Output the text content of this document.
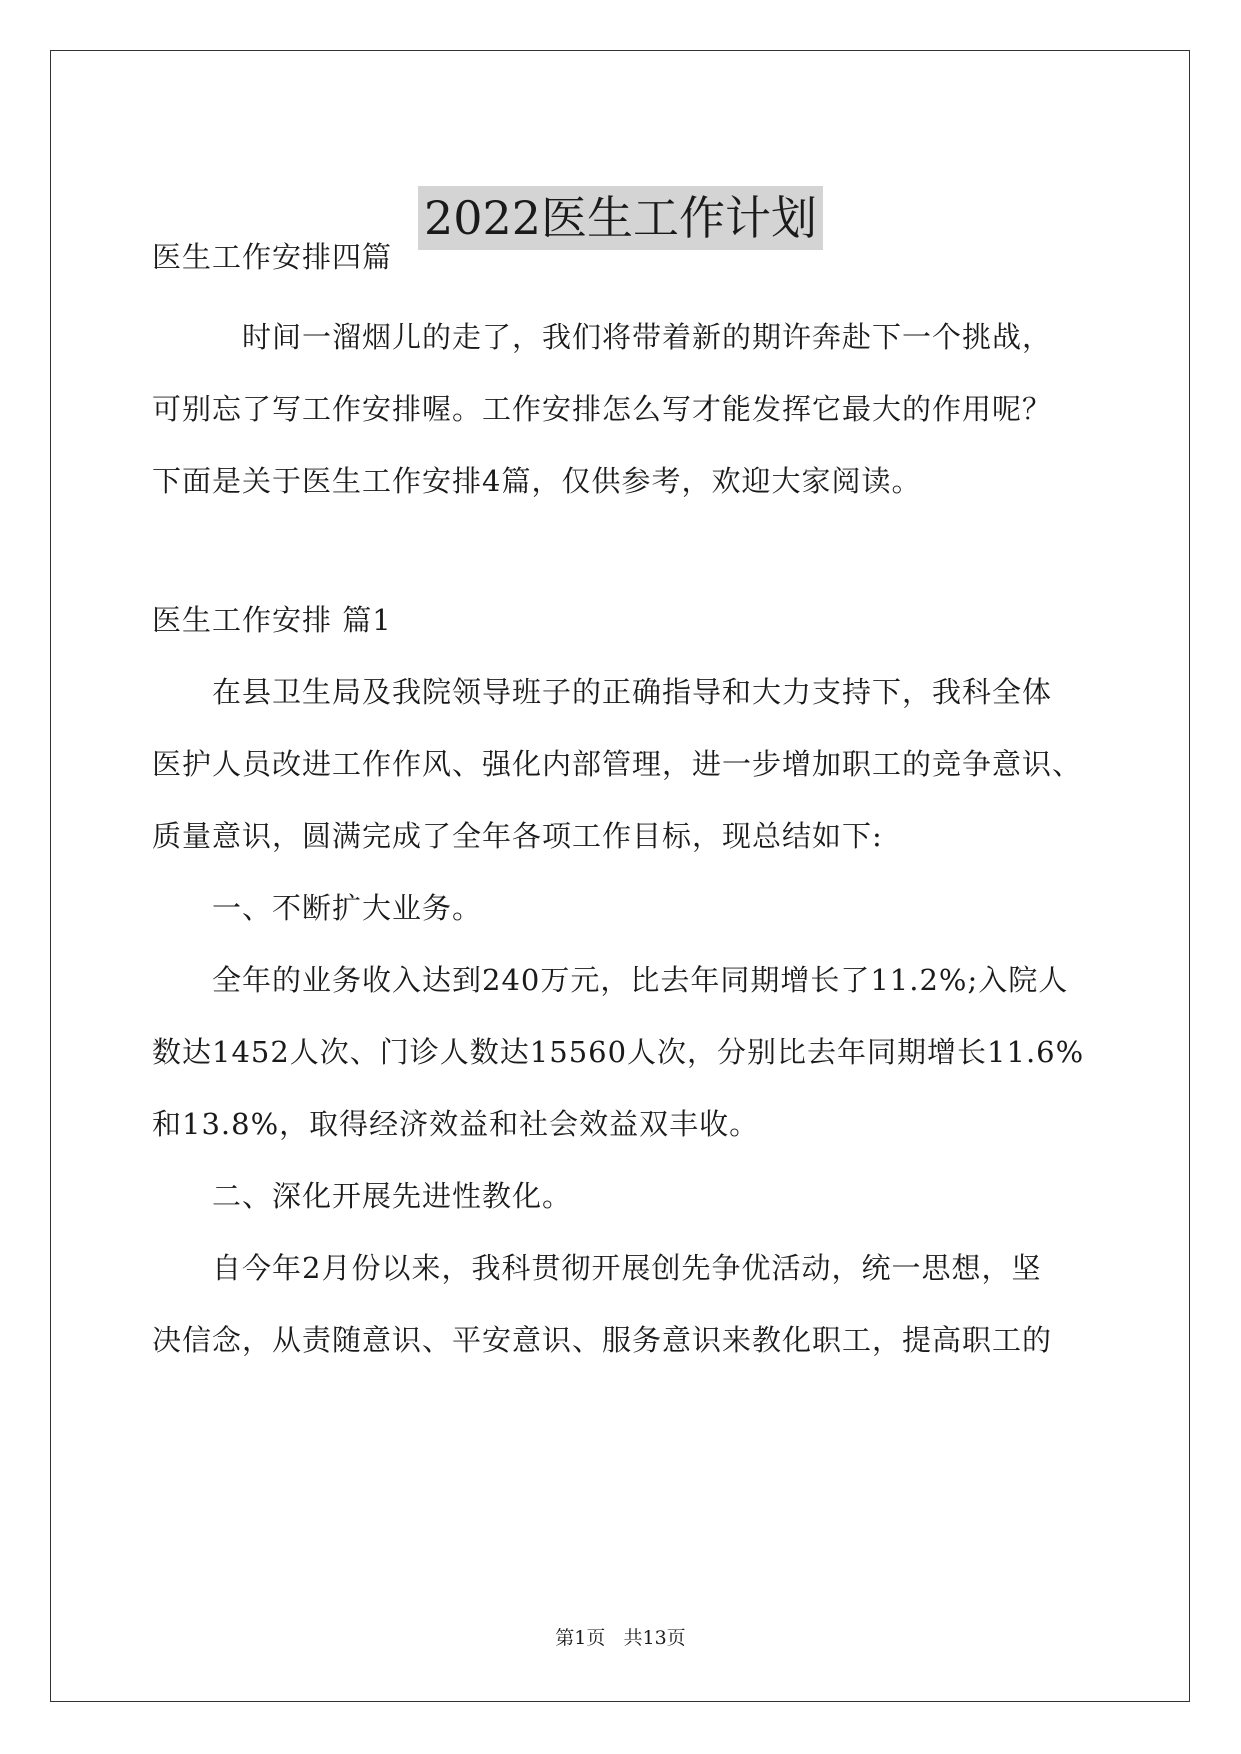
2022医生工作计划

医生工作安排四篇

　　　时间一溜烟儿的走了，我们将带着新的期许奔赴下一个挑战，

可别忘了写工作安排喔。工作安排怎么写才能发挥它最大的作用呢？

下面是关于医生工作安排4篇，仅供参考，欢迎大家阅读。

医生工作安排 篇1

　　在县卫生局及我院领导班子的正确指导和大力支持下，我科全体

医护人员改进工作作风、强化内部管理，进一步增加职工的竞争意识、

质量意识，圆满完成了全年各项工作目标，现总结如下:

　　一、不断扩大业务。

　　全年的业务收入达到240万元，比去年同期增长了11.2%;入院人

数达1452人次、门诊人数达15560人次，分别比去年同期增长11.6%

和13.8%，取得经济效益和社会效益双丰收。

　　二、深化开展先进性教化。

　　自今年2月份以来，我科贯彻开展创先争优活动，统一思想，坚

决信念，从责随意识、平安意识、服务意识来教化职工，提高职工的

第1页   共13页
